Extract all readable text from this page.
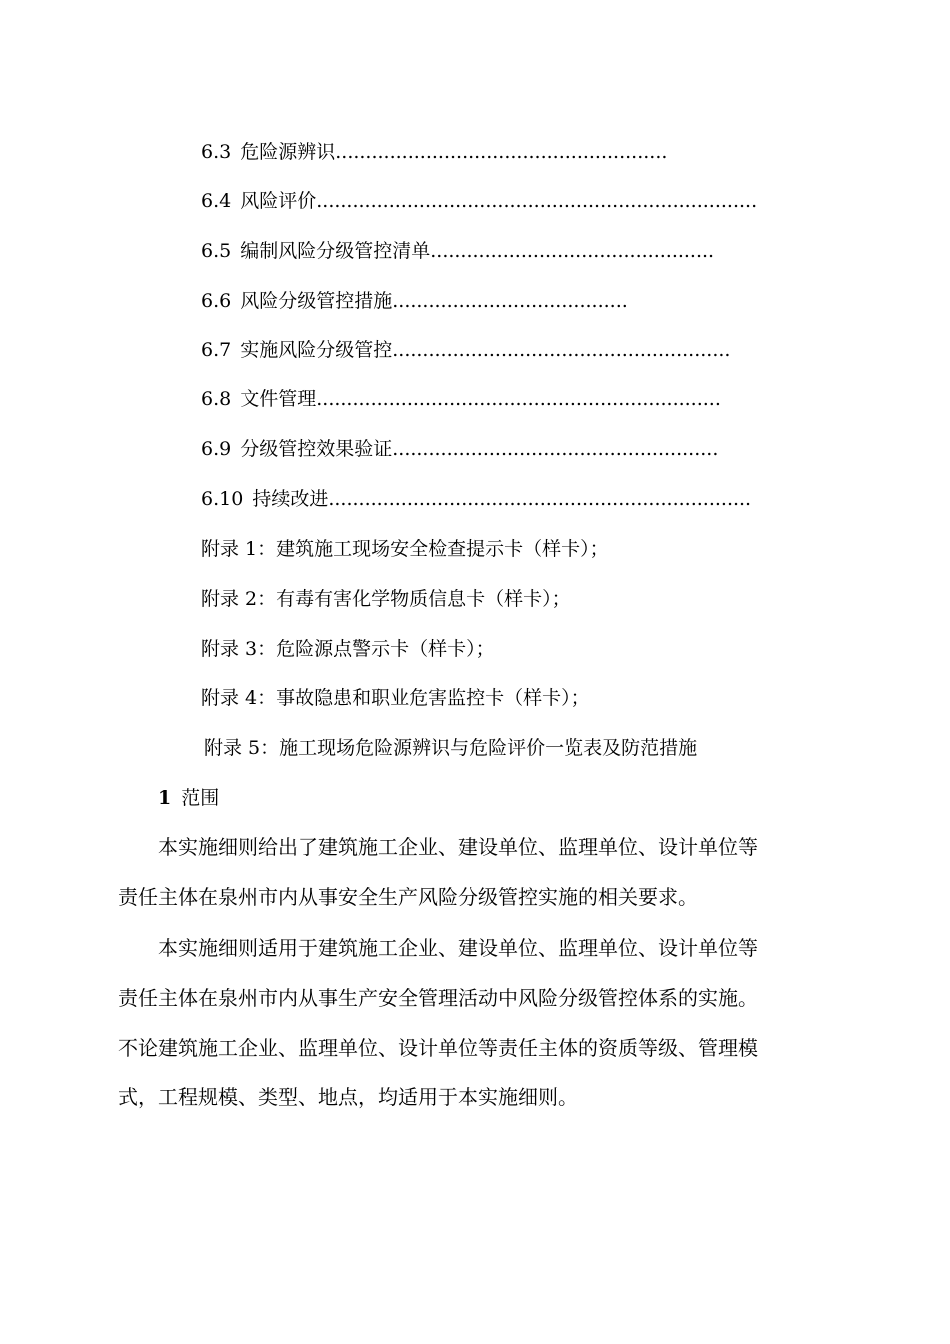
6.3 危险源辨识.......................................................
6.4 风险评价.........................................................................
6.5 编制风险分级管控清单...............................................
6.6 风险分级管控措施.......................................
6.7 实施风险分级管控........................................................
6.8 文件管理...................................................................
6.9 分级管控效果验证......................................................
6.10 持续改进......................................................................
附录 1：建筑施工现场安全检查提示卡（样卡）；
附录 2：有毒有害化学物质信息卡（样卡）；
附录 3：危险源点警示卡（样卡）；
附录 4：事故隐患和职业危害监控卡（样卡）；
附录 5：施工现场危险源辨识与危险评价一览表及防范措施
1 范围
本实施细则给出了建筑施工企业、建设单位、监理单位、设计单位等
责任主体在泉州市内从事安全生产风险分级管控实施的相关要求。
本实施细则适用于建筑施工企业、建设单位、监理单位、设计单位等
责任主体在泉州市内从事生产安全管理活动中风险分级管控体系的实施。
不论建筑施工企业、监理单位、设计单位等责任主体的资质等级、管理模
式，工程规模、类型、地点，均适用于本实施细则。
